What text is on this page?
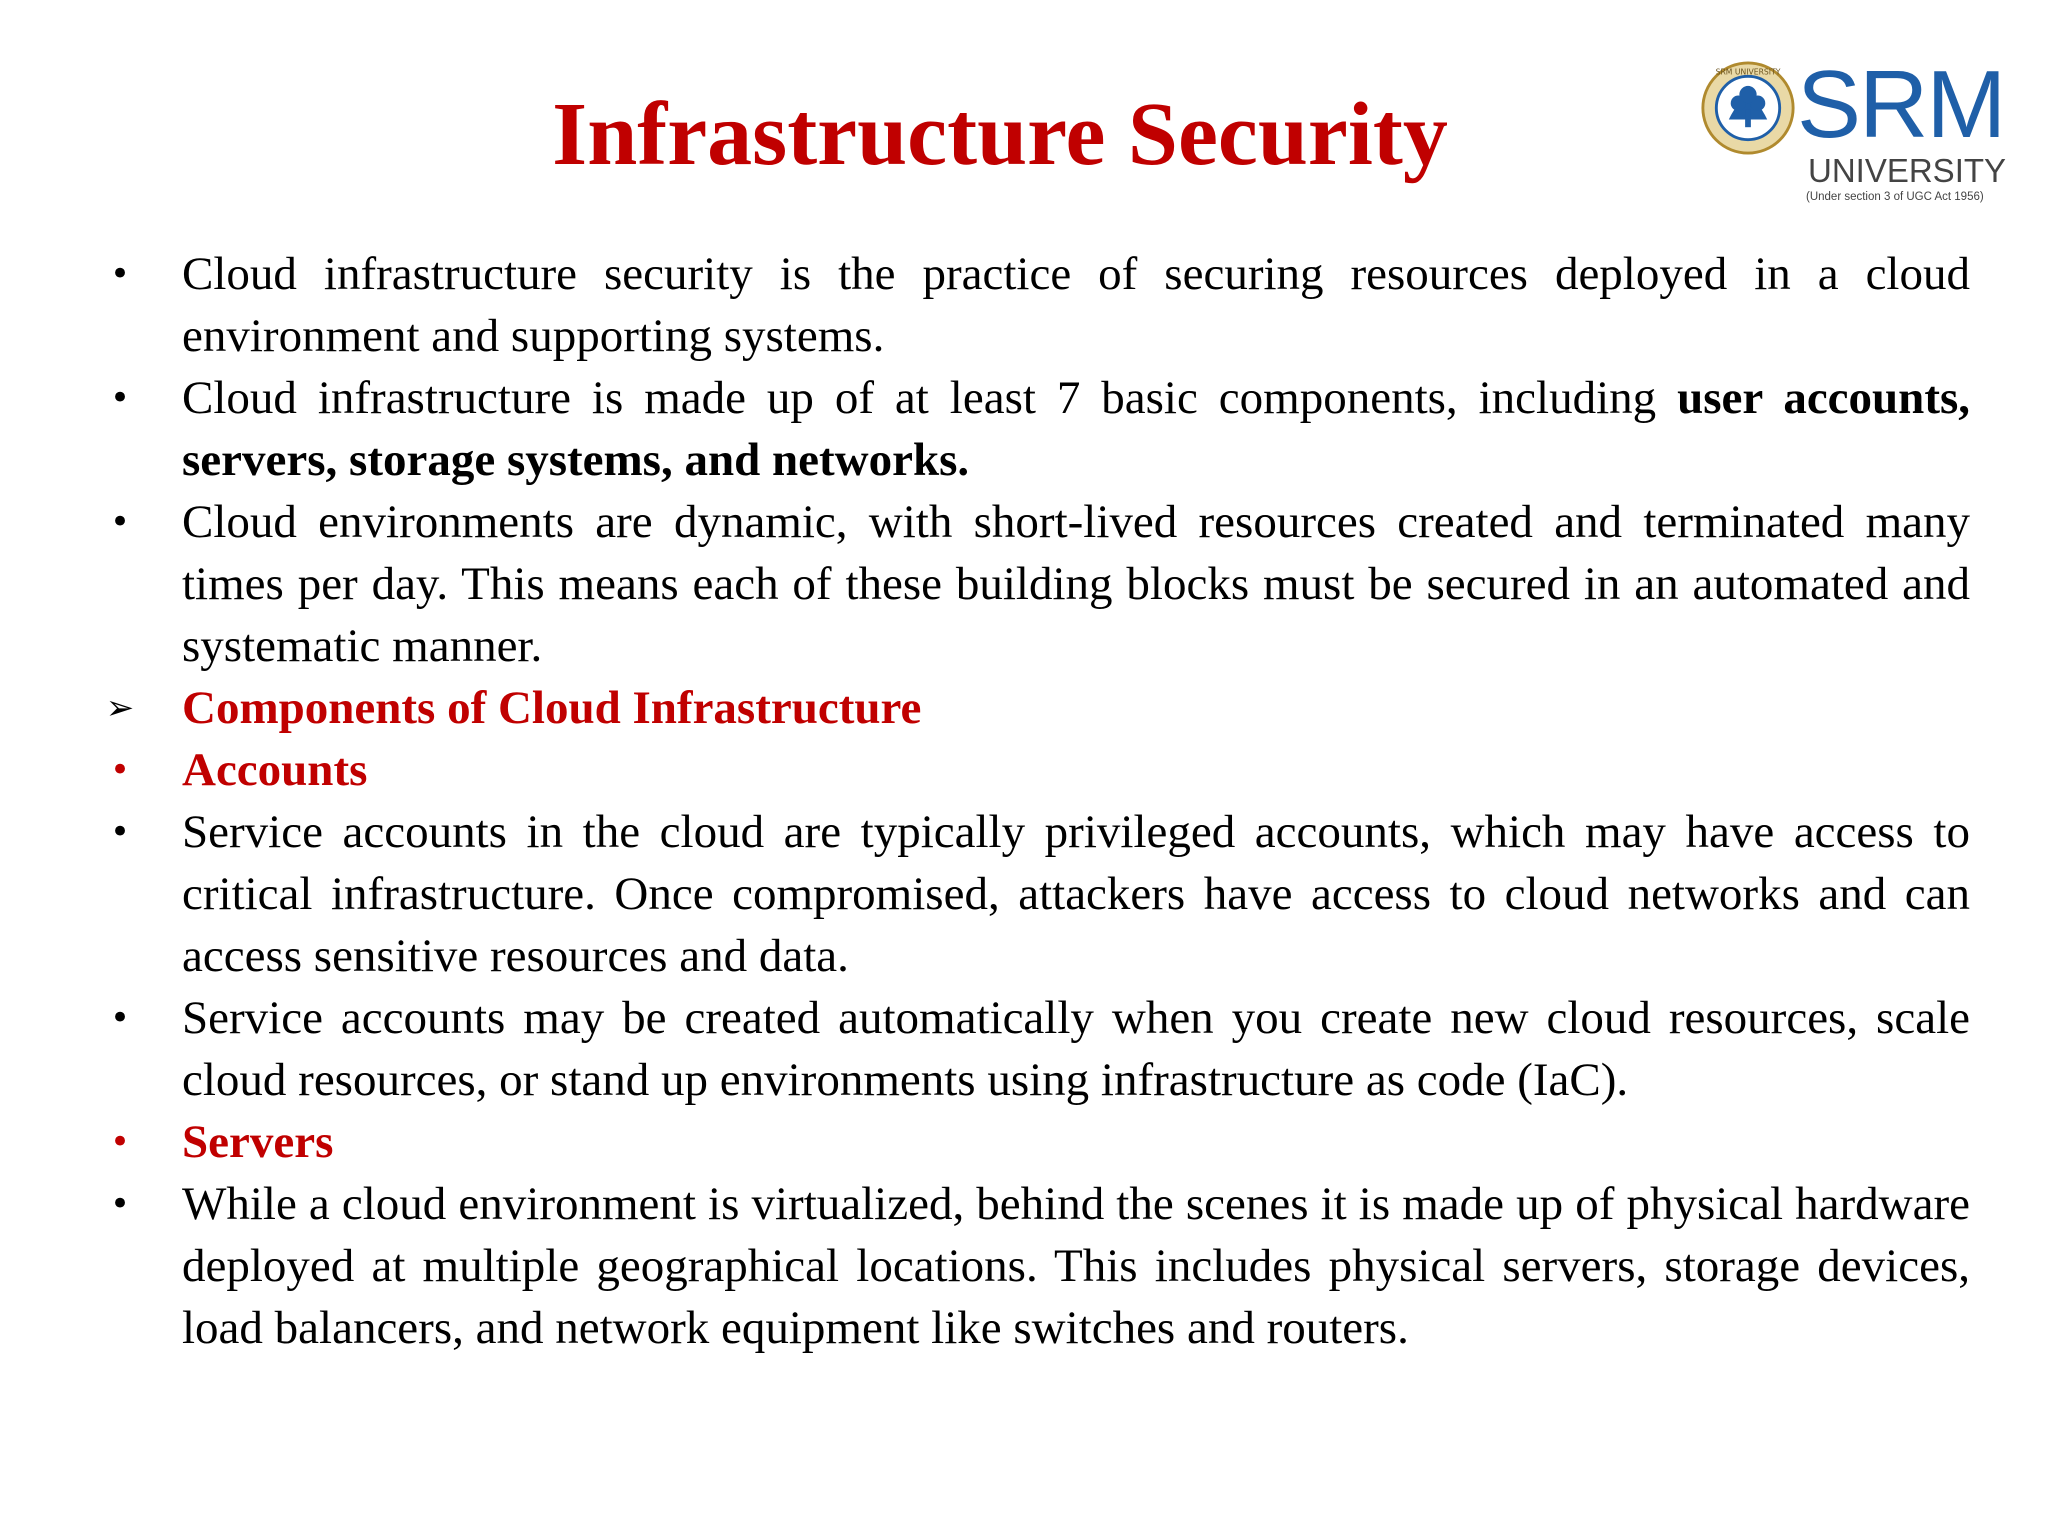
Infrastructure Security
SRM UNIVERSITY SRM
UNIVERSITY
(Under section 3 of UGC Act 1956)
• Cloud infrastructure security is the practice of securing resources deployed in a cloud environment and supporting systems.
• Cloud infrastructure is made up of at least 7 basic components, including user accounts, servers, storage systems, and networks.
• Cloud environments are dynamic, with short-lived resources created and terminated many times per day. This means each of these building blocks must be secured in an automated and systematic manner.
➢ Components of Cloud Infrastructure
• Accounts
• Service accounts in the cloud are typically privileged accounts, which may have access to critical infrastructure. Once compromised, attackers have access to cloud networks and can access sensitive resources and data.
• Service accounts may be created automatically when you create new cloud resources, scale cloud resources, or stand up environments using infrastructure as code (IaC).
• Servers
• While a cloud environment is virtualized, behind the scenes it is made up of physical hardware deployed at multiple geographical locations. This includes physical servers, storage devices, load balancers, and network equipment like switches and routers.
